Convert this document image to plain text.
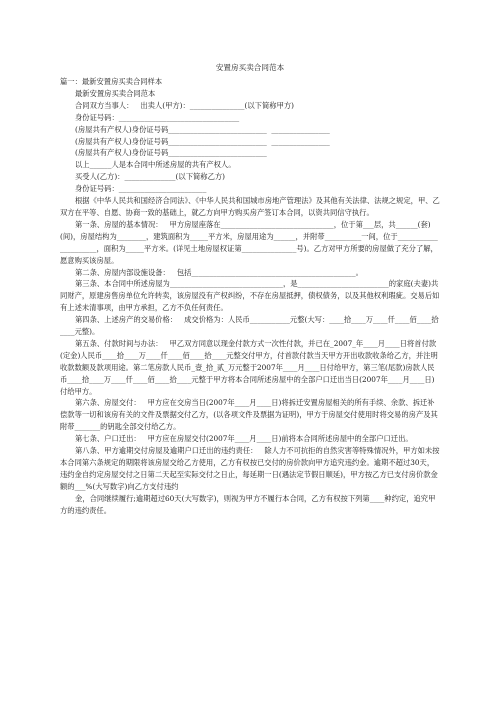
安置房买卖合同范本

篇一：最新安置房买卖合同样本

最新安置房买卖合同范本

合同双方当事人：   出卖人(甲方)：_______________(以下简称甲方)

身份证号码：_________________________________

(房屋共有产权人)身份证号码___________________________  ________________

(房屋共有产权人)身份证号码___________________________  ________________

(房屋共有产权人)身份证号码___________________________

以上______人是本合同中所述房屋的共有产权人。

买受人(乙方)：______________(以下简称乙方)

身份证号码：________________________

根据《中华人民共和国经济合同法》、《中华人民共和国城市房地产管理法》及其他有关法律、法规之规定，甲、乙双方在平等、自愿、协商一致的基础上，就乙方向甲方购买房产签订本合同，以资共同信守执行。

第一条、房屋的基本情况：   甲方房屋座落在_______________________________，位于第___层，共______(套)(间)，房屋结构为________，建筑面积为_____平方米，房屋用途为______，并附带__________一间，位于_____________________，面积为_____平方米。(详见土地房屋权证第_______________号)。乙方对甲方所要的房屋做了充分了解，愿意购买该房屋。

第二条、房屋内部设施设备：   包括_____________________________________________。

第三条、本合同中所述房屋为_______________________________，是_________________________的家庭(夫妻)共同财产，原建房售房单位允许转卖，该房屋没有产权纠纷，不存在房屋抵押，债权债务，以及其他权利瑕疵。交易后如有上述未清事项，由甲方承担，乙方不负任何责任。

第四条、上述房产的交易价格：   成交价格为：人民币___________元整(大写：____拾____万____仟____佰____拾____元整)。

第五条、付款时间与办法：   甲乙双方同意以现金付款方式一次性付款，并已在_2007_年____月____日将首付款(定金)人民币____拾____万____仟____佰____拾____元整交付甲方，付首款付款当天甲方开出收款收条给乙方，并注明收款数额及款项用途。第二笔房款人民币_壹_拾_贰_万元整于2007年____月____日付给甲方，第三笔(尾款)房款人民币____拾____万____仟____佰____拾____元整于甲方将本合同所述房屋中的全部户口迁出当日(2007年____月____日)付给甲方。

第六条、房屋交付：   甲方应在交房当日(2007年____月____日)将拆迁安置房屋相关的所有手续、余款、拆迁补偿款等一切和该房有关的文件及票据交付乙方，(以各项文件及票据为证明)，甲方于房屋交付使用时将交易的房产及其附带_______的钥匙全部交付给乙方。

第七条、户口迁出：   甲方应在房屋交付(2007年____月____日)前将本合同所述房屋中的全部户口迁出。

第八条、甲方逾期交付房屋及逾期户口迁出的违约责任：   除人力不可抗拒的自然灾害等特殊情况外，甲方如未按本合同第六条规定的期限将该房屋交给乙方使用，乙方有权按已交付的房价款向甲方追究违约金。逾期不超过30天，违约金自约定房屋交付之日第二天起至实际交付之日止，每延期一日(遇法定节假日顺延)，甲方按乙方已支付房价款金额的___%(大写数字)向乙方支付违约

金，合同继续履行;逾期超过60天(大写数字)，则视为甲方不履行本合同，乙方有权按下列第____种约定，追究甲方的违约责任。
